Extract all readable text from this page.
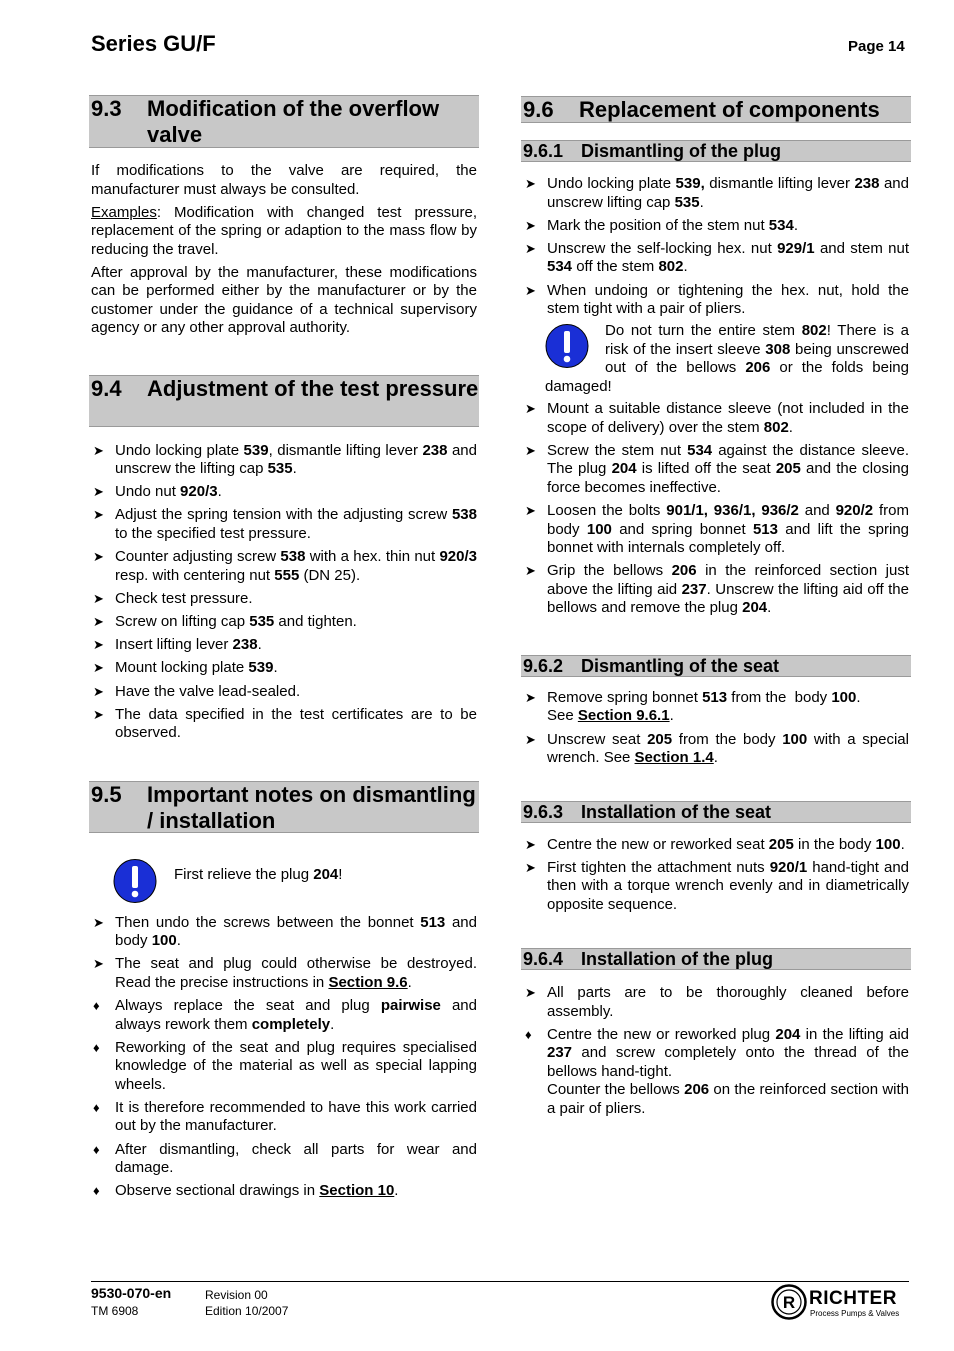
Series GU/F	Page 14
9.3 Modification of the overflow valve

If modifications to the valve are required, the manufacturer must always be consulted.

Examples: Modification with changed test pressure, replacement of the spring or adaption to the mass flow by reducing the travel.

After approval by the manufacturer, these modifications can be performed either by the manufacturer or by the customer under the guidance of a technical supervisory agency or any other approval authority.

9.4 Adjustment of the test pressure
➤ Undo locking plate 539, dismantle lifting lever 238 and unscrew the lifting cap 535.
➤ Undo nut 920/3.
➤ Adjust the spring tension with the adjusting screw 538 to the specified test pressure.
➤ Counter adjusting screw 538 with a hex. thin nut 920/3 resp. with centering nut 555 (DN 25).
➤ Check test pressure.
➤ Screw on lifting cap 535 and tighten.
➤ Insert lifting lever 238.
➤ Mount locking plate 539.
➤ Have the valve lead-sealed.
➤ The data specified in the test certificates are to be observed.
9.5 Important notes on dismantling / installation
First relieve the plug 204!
➤ Then undo the screws between the bonnet 513 and body 100.
➤ The seat and plug could otherwise be destroyed. Read the precise instructions in Section 9.6.
♦ Always replace the seat and plug pairwise and always rework them completely.
♦ Reworking of the seat and plug requires specialised knowledge of the material as well as special lapping wheels.
♦ It is therefore recommended to have this work carried out by the manufacturer.
♦ After dismantling, check all parts for wear and damage.
♦ Observe sectional drawings in Section 10.
9.6 Replacement of components
9.6.1 Dismantling of the plug
➤ Undo locking plate 539, dismantle lifting lever 238 and unscrew lifting cap 535.
➤ Mark the position of the stem nut 534.
➤ Unscrew the self-locking hex. nut 929/1 and stem nut 534 off the stem 802.
➤ When undoing or tightening the hex. nut, hold the stem tight with a pair of pliers.
Do not turn the entire stem 802! There is a risk of the insert sleeve 308 being unscrewed out of the bellows 206 or the folds being damaged!
➤ Mount a suitable distance sleeve (not included in the scope of delivery) over the stem 802.
➤ Screw the stem nut 534 against the distance sleeve. The plug 204 is lifted off the seat 205 and the closing force becomes ineffective.
➤ Loosen the bolts 901/1, 936/1, 936/2 and 920/2 from body 100 and spring bonnet 513 and lift the spring bonnet with internals completely off.
➤ Grip the bellows 206 in the reinforced section just above the lifting aid 237. Unscrew the lifting aid off the bellows and remove the plug 204.
9.6.2 Dismantling of the seat
➤ Remove spring bonnet 513 from the  body 100.
See Section 9.6.1.
➤ Unscrew seat 205 from the body 100 with a special wrench. See Section 1.4.
9.6.3 Installation of the seat
➤ Centre the new or reworked seat 205 in the body 100.
➤ First tighten the attachment nuts 920/1 hand-tight and then with a torque wrench evenly and in diametrically opposite sequence.
9.6.4 Installation of the plug
➤ All parts are to be thoroughly cleaned before assembly.
♦ Centre the new or reworked plug 204 in the lifting aid 237 and screw completely onto the thread of the bellows hand-tight.
Counter the bellows 206 on the reinforced section with a pair of pliers.
9530-070-en
TM 6908
Revision 00
Edition 10/2007	R RICHTER
Process Pumps & Valves
